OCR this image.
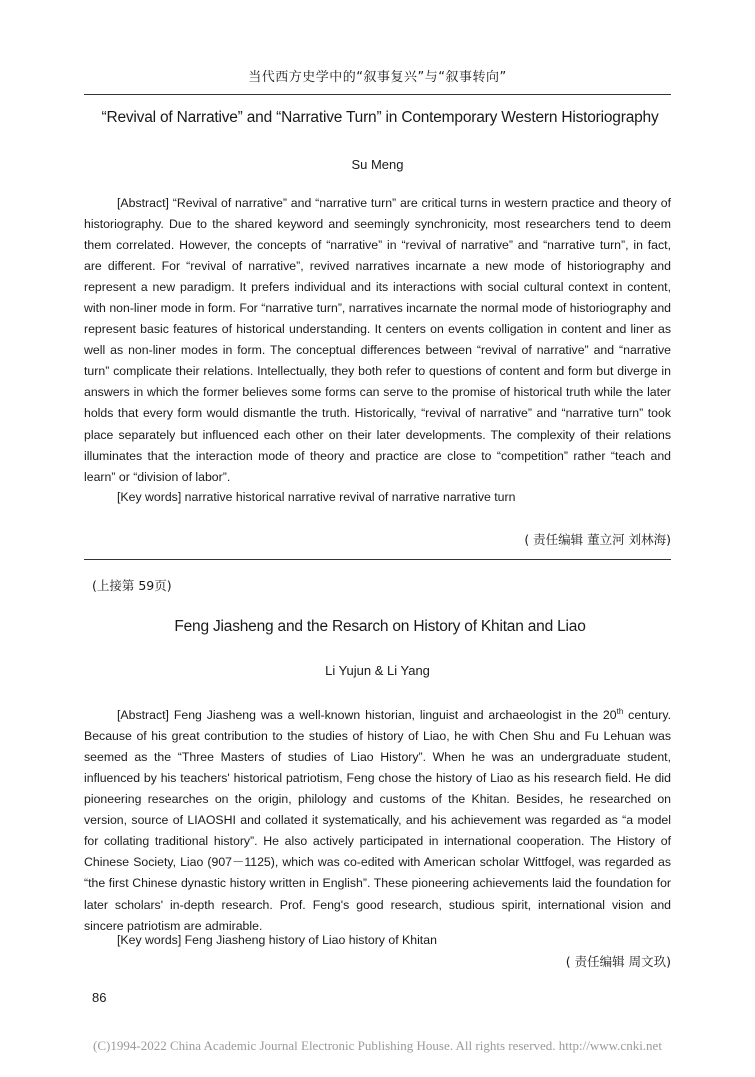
当代西方史学中的“叙事复兴”与“叙事转向”
“Revival of Narrative” and “Narrative Turn” in Contemporary Western Historiography
Su Meng

[Abstract] “Revival of narrative” and “narrative turn” are critical turns in western practice and theory of historiography. Due to the shared keyword and seemingly synchronicity, most researchers tend to deem them correlated. However, the concepts of “narrative” in “revival of narrative” and “narrative turn”, in fact, are different. For “revival of narrative”, revived narratives incarnate a new mode of historiography and represent a new paradigm. It prefers individual and its interactions with social cultural context in content, with non-liner mode in form. For “narrative turn”, narratives incarnate the normal mode of historiography and represent basic features of historical understanding. It centers on events colligation in content and liner as well as non-liner modes in form. The conceptual differences between “revival of narrative” and “narrative turn” complicate their relations. Intellectually, they both refer to questions of content and form but diverge in answers in which the former believes some forms can serve to the promise of historical truth while the later holds that every form would dismantle the truth. Historically, “revival of narrative” and “narrative turn” took place separately but influenced each other on their later developments. The complexity of their relations illuminates that the interaction mode of theory and practice are close to “competition” rather “teach and learn” or “division of labor”.

[Key words] narrative historical narrative revival of narrative narrative turn
( 责任编辑 董立河 刘林海)
(上接第 59页)
Feng Jiasheng and the Resarch on History of Khitan and Liao
Li Yujun & Li Yang

[Abstract] Feng Jiasheng was a well-known historian, linguist and archaeologist in the 20th century. Because of his great contribution to the studies of history of Liao, he with Chen Shu and Fu Lehuan was seemed as the “Three Masters of studies of Liao History”. When he was an undergraduate student, influenced by his teachers' historical patriotism, Feng chose the history of Liao as his research field. He did pioneering researches on the origin, philology and customs of the Khitan. Besides, he researched on version, source of LIAOSHI and collated it systematically, and his achievement was regarded as “a model for collating traditional history”. He also actively participated in international cooperation. The History of Chinese Society, Liao (907－1125), which was co-edited with American scholar Wittfogel, was regarded as “the first Chinese dynastic history written in English”. These pioneering achievements laid the foundation for later scholars' in-depth research. Prof. Feng's good research, studious spirit, international vision and sincere patriotism are admirable.

[Key words] Feng Jiasheng history of Liao history of Khitan
( 责任编辑 周文玖)
86
(C)1994-2022 China Academic Journal Electronic Publishing House. All rights reserved. http://www.cnki.net
